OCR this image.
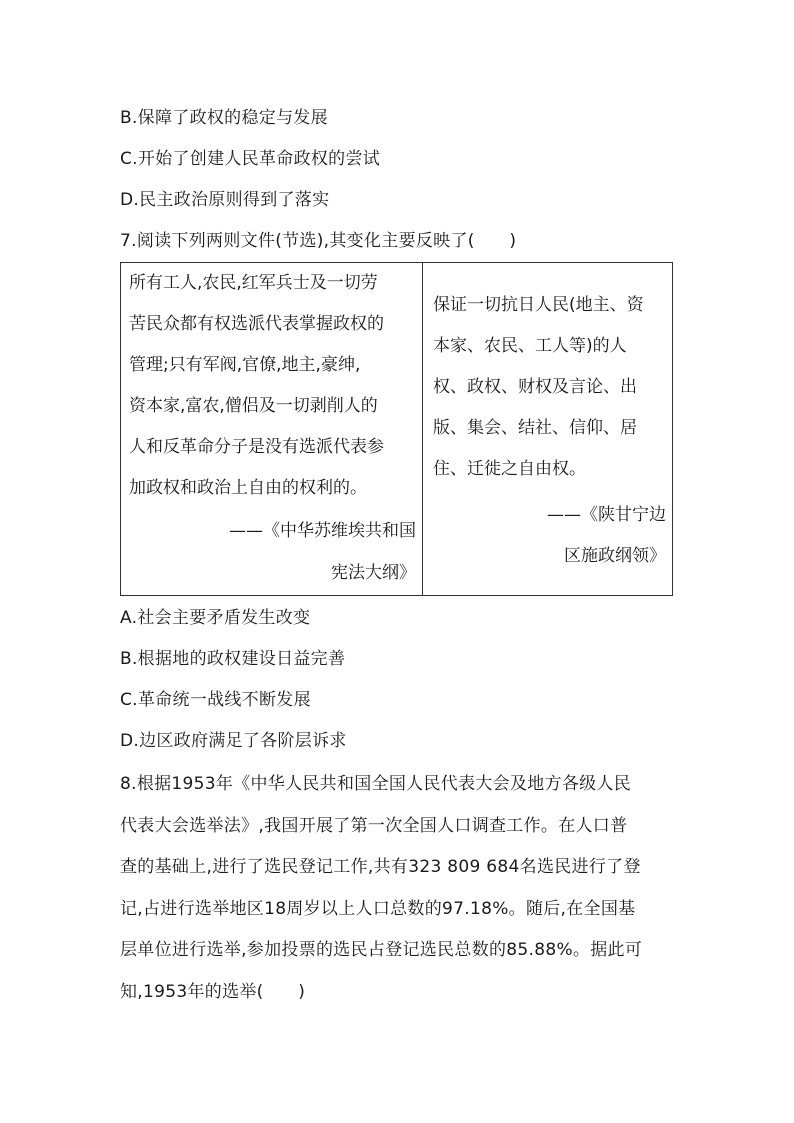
B.保障了政权的稳定与发展
C.开始了创建人民革命政权的尝试
D.民主政治原则得到了落实
7.阅读下列两则文件(节选),其变化主要反映了(　　)
所有工人,农民,红军兵士及一切劳
苦民众都有权选派代表掌握政权的
管理;只有军阀,官僚,地主,豪绅,
资本家,富农,僧侣及一切剥削人的
人和反革命分子是没有选派代表参
加政权和政治上自由的权利的。
——《中华苏维埃共和国
宪法大纲》

保证一切抗日人民(地主、资
本家、农民、工人等)的人
权、政权、财权及言论、出
版、集会、结社、信仰、居
住、迁徙之自由权。
——《陕甘宁边
区施政纲领》
A.社会主要矛盾发生改变
B.根据地的政权建设日益完善
C.革命统一战线不断发展
D.边区政府满足了各阶层诉求
8.根据1953年《中华人民共和国全国人民代表大会及地方各级人民
代表大会选举法》,我国开展了第一次全国人口调查工作。在人口普
查的基础上,进行了选民登记工作,共有323 809 684名选民进行了登
记,占进行选举地区18周岁以上人口总数的97.18%。随后,在全国基
层单位进行选举,参加投票的选民占登记选民总数的85.88%。据此可
知,1953年的选举(　　)
